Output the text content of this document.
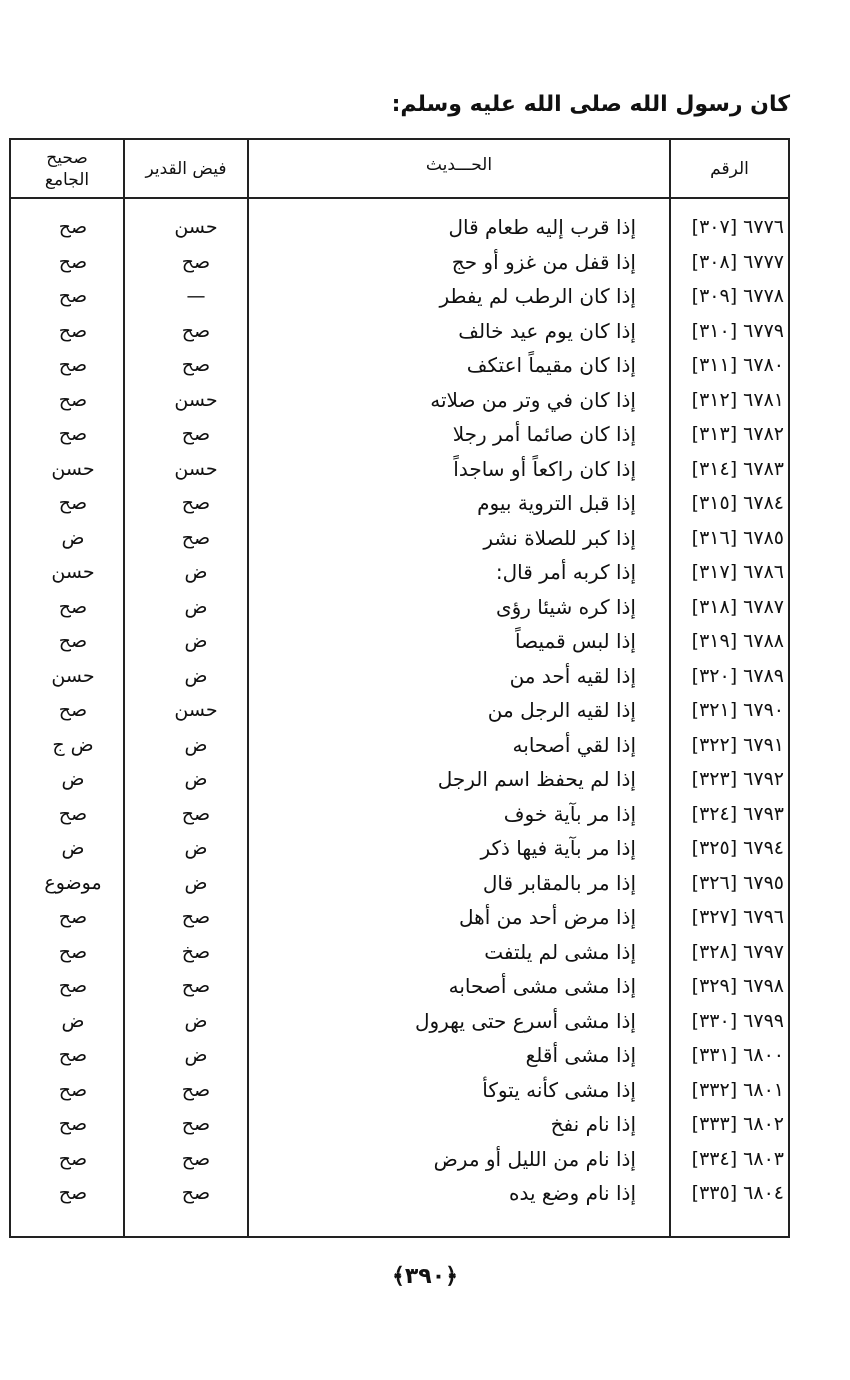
كان رسول الله صلى الله عليه وسلم:
الرقم
الحـــديث
فيض القدير
صحيح
الجامع
٦٧٧٦ [٣٠٧]
إذا قرب إليه طعام قال
حسن
صح
٦٧٧٧ [٣٠٨]
إذا قفل من غزو أو حج
صح
صح
٦٧٧٨ [٣٠٩]
إذا كان الرطب لم يفطر
—
صح
٦٧٧٩ [٣١٠]
إذا كان يوم عيد خالف
صح
صح
٦٧٨٠ [٣١١]
إذا كان مقيماً اعتكف
صح
صح
٦٧٨١ [٣١٢]
إذا كان في وتر من صلاته
حسن
صح
٦٧٨٢ [٣١٣]
إذا كان صائما أمر رجلا
صح
صح
٦٧٨٣ [٣١٤]
إذا كان راكعاً أو ساجداً
حسن
حسن
٦٧٨٤ [٣١٥]
إذا قبل التروية بيوم
صح
صح
٦٧٨٥ [٣١٦]
إذا كبر للصلاة نشر
صح
ض
٦٧٨٦ [٣١٧]
إذا كربه أمر قال:
ض
حسن
٦٧٨٧ [٣١٨]
إذا كره شيئا رؤى
ض
صح
٦٧٨٨ [٣١٩]
إذا لبس قميصاً
ض
صح
٦٧٨٩ [٣٢٠]
إذا لقيه أحد من
ض
حسن
٦٧٩٠ [٣٢١]
إذا لقيه الرجل من
حسن
صح
٦٧٩١ [٣٢٢]
إذا لقي أصحابه
ض
ض ج
٦٧٩٢ [٣٢٣]
إذا لم يحفظ اسم الرجل
ض
ض
٦٧٩٣ [٣٢٤]
إذا مر بآية خوف
صح
صح
٦٧٩٤ [٣٢٥]
إذا مر بآية فيها ذكر
ض
ض
٦٧٩٥ [٣٢٦]
إذا مر بالمقابر قال
ض
موضوع
٦٧٩٦ [٣٢٧]
إذا مرض أحد من أهل
صح
صح
٦٧٩٧ [٣٢٨]
إذا مشى لم يلتفت
صخ
صح
٦٧٩٨ [٣٢٩]
إذا مشى مشى أصحابه
صح
صح
٦٧٩٩ [٣٣٠]
إذا مشى أسرع حتى يهرول
ض
ض
٦٨٠٠ [٣٣١]
إذا مشى أقلع
ض
صح
٦٨٠١ [٣٣٢]
إذا مشى كأنه يتوكأ
صح
صح
٦٨٠٢ [٣٣٣]
إذا نام نفخ
صح
صح
٦٨٠٣ [٣٣٤]
إذا نام من الليل أو مرض
صح
صح
٦٨٠٤ [٣٣٥]
إذا نام وضع يده
صح
صح
﴿٣٩٠﴾
